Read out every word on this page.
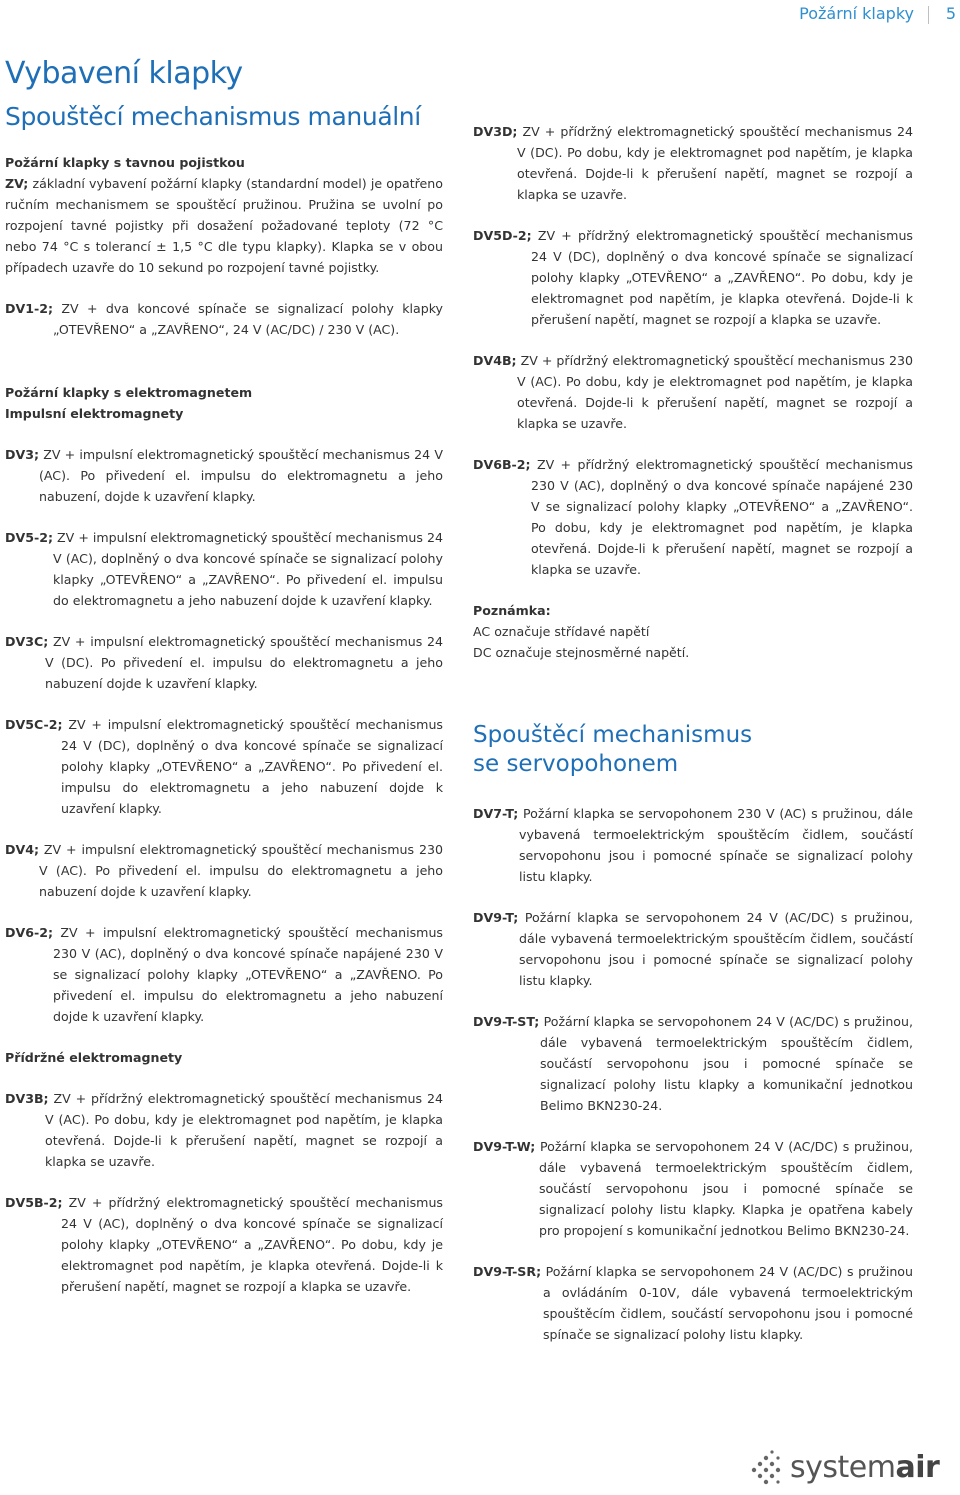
Požární klapky 5
Vybavení klapky
Spouštěcí mechanismus manuální

Požární klapky s tavnou pojistkou

ZV; základní vybavení požární klapky (standardní model) je opatřeno ručním mechanismem se spouštěcí pružinou. Pružina se uvolní po rozpojení tavné pojistky při dosažení požadované teploty (72 °C nebo 74 °C s tolerancí ± 1,5 °C dle typu klapky). Klapka se v obou případech uzavře do 10 sekund po rozpojení tavné pojistky.

DV1-2; ZV + dva koncové spínače se signalizací polohy klapky „OTEVŘENO“ a „ZAVŘENO“, 24 V (AC/DC) / 230 V (AC).

Požární klapky s elektromagnetem

Impulsní elektromagnety

DV3; ZV + impulsní elektromagnetický spouštěcí mechanismus 24 V (AC). Po přivedení el. impulsu do elektromagnetu a jeho nabuzení, dojde k uzavření klapky.

DV5-2; ZV + impulsní elektromagnetický spouštěcí mechanismus 24 V (AC), doplněný o dva koncové spínače se signalizací polohy klapky „OTEVŘENO“ a „ZAVŘENO“. Po přivedení el. impulsu do elektromagnetu a jeho nabuzení dojde k uzavření klapky.

DV3C; ZV + impulsní elektromagnetický spouštěcí mechanismus 24 V (DC). Po přivedení el. impulsu do elektromagnetu a jeho nabuzení dojde k uzavření klapky.

DV5C-2; ZV + impulsní elektromagnetický spouštěcí mechanismus 24 V (DC), doplněný o dva koncové spínače se signalizací polohy klapky „OTEVŘENO“ a „ZAVŘENO“. Po přivedení el. impulsu do elektromagnetu a jeho nabuzení dojde k uzavření klapky.

DV4; ZV + impulsní elektromagnetický spouštěcí mechanismus 230 V (AC). Po přivedení el. impulsu do elektromagnetu a jeho nabuzení dojde k uzavření klapky.

DV6-2; ZV + impulsní elektromagnetický spouštěcí mechanismus 230 V (AC), doplněný o dva koncové spínače napájené 230 V se signalizací polohy klapky „OTEVŘENO“ a „ZAVŘENO. Po přivedení el. impulsu do elektromagnetu a jeho nabuzení dojde k uzavření klapky.

Přídržné elektromagnety

DV3B; ZV + přídržný elektromagnetický spouštěcí mechanismus 24 V (AC). Po dobu, kdy je elektromagnet pod napětím, je klapka otevřená. Dojde-li k přerušení napětí, magnet se rozpojí a klapka se uzavře.

DV5B-2; ZV + přídržný elektromagnetický spouštěcí mechanismus 24 V (AC), doplněný o dva koncové spínače se signalizací polohy klapky „OTEVŘENO“ a „ZAVŘENO“. Po dobu, kdy je elektromagnet pod napětím, je klapka otevřená. Dojde-li k přerušení napětí, magnet se rozpojí a klapka se uzavře.

DV3D; ZV + přídržný elektromagnetický spouštěcí mechanismus 24 V (DC). Po dobu, kdy je elektromagnet pod napětím, je klapka otevřená. Dojde-li k přerušení napětí, magnet se rozpojí a klapka se uzavře.

DV5D-2; ZV + přídržný elektromagnetický spouštěcí mechanismus 24 V (DC), doplněný o dva koncové spínače se signalizací polohy klapky „OTEVŘENO“ a „ZAVŘENO“. Po dobu, kdy je elektromagnet pod napětím, je klapka otevřená. Dojde-li k přerušení napětí, magnet se rozpojí a klapka se uzavře.

DV4B; ZV + přídržný elektromagnetický spouštěcí mechanismus 230 V (AC). Po dobu, kdy je elektromagnet pod napětím, je klapka otevřená. Dojde-li k přerušení napětí, magnet se rozpojí a klapka se uzavře.

DV6B-2; ZV + přídržný elektromagnetický spouštěcí mechanismus 230 V (AC), doplněný o dva koncové spínače napájené 230 V se signalizací polohy klapky „OTEVŘENO“ a „ZAVŘENO“. Po dobu, kdy je elektromagnet pod napětím, je klapka otevřená. Dojde-li k přerušení napětí, magnet se rozpojí a klapka se uzavře.

Poznámka:

AC označuje střídavé napětí

DC označuje stejnosměrné napětí.

Spouštěcí mechanismus
se servopohonem

DV7-T; Požární klapka se servopohonem 230 V (AC) s pružinou, dále vybavená termoelektrickým spouštěcím čidlem, součástí servopohonu jsou i pomocné spínače se signalizací polohy listu klapky.

DV9-T; Požární klapka se servopohonem 24 V (AC/DC) s pružinou, dále vybavená termoelektrickým spouštěcím čidlem, součástí servopohonu jsou i pomocné spínače se signalizací polohy listu klapky.

DV9-T-ST; Požární klapka se servopohonem 24 V (AC/DC) s pružinou, dále vybavená termoelektrickým spouštěcím čidlem, součástí servopohonu jsou i pomocné spínače se signalizací polohy listu klapky a komunikační jednotkou Belimo BKN230-24.

DV9-T-W; Požární klapka se servopohonem 24 V (AC/DC) s pružinou, dále vybavená termoelektrickým spouštěcím čidlem, součástí servopohonu jsou i pomocné spínače se signalizací polohy listu klapky. Klapka je opatřena kabely pro propojení s komunikační jednotkou Belimo BKN230-24.

DV9-T-SR; Požární klapka se servopohonem 24 V (AC/DC) s pružinou a ovládáním 0-10V, dále vybavená termoelektrickým spouštěcím čidlem, součástí servopohonu jsou i pomocné spínače se signalizací polohy listu klapky.

systemair
